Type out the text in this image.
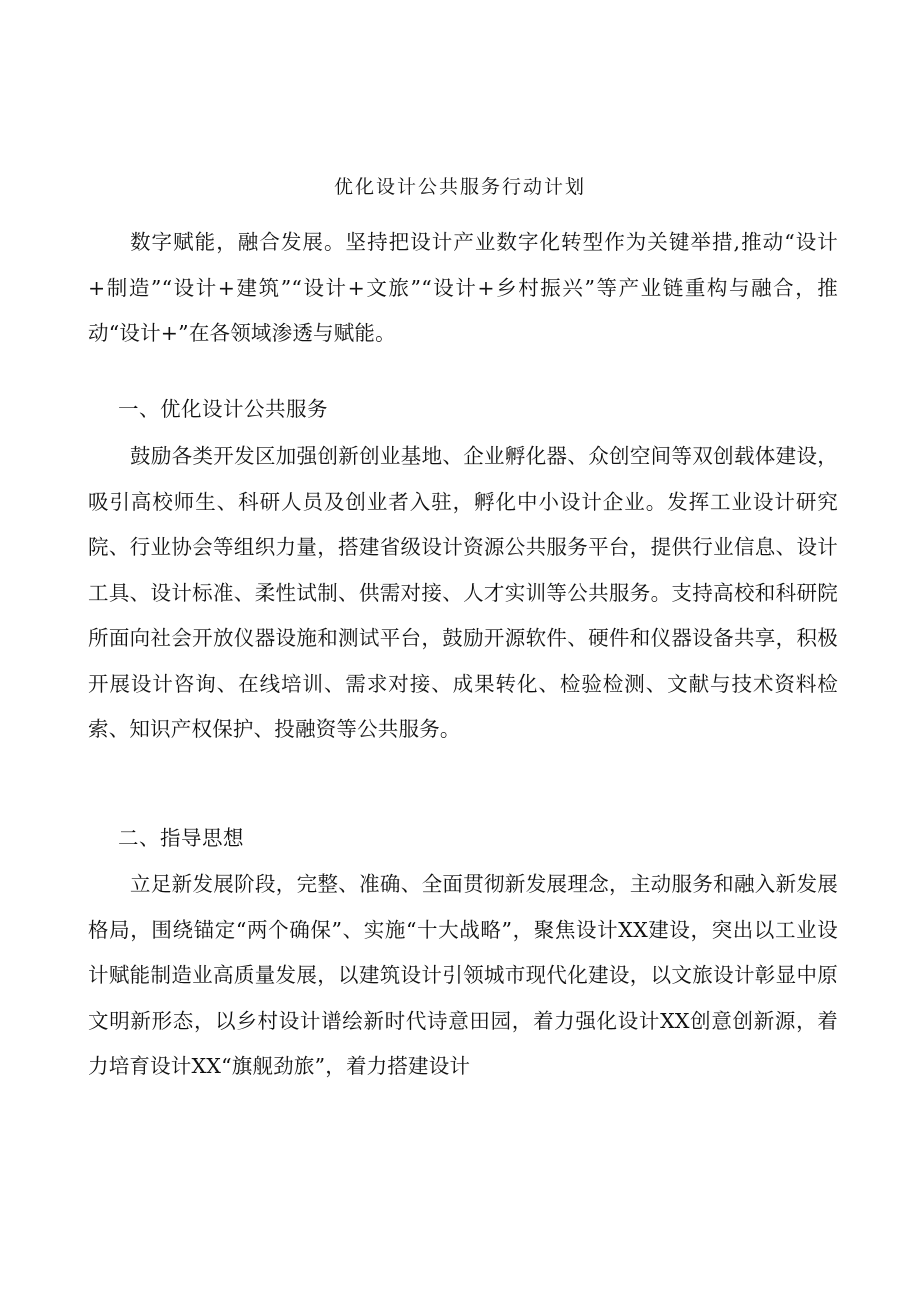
优化设计公共服务行动计划

数字赋能，融合发展。坚持把设计产业数字化转型作为关键举措,推动“设计+制造”“设计+建筑”“设计+文旅”“设计+乡村振兴”等产业链重构与融合，推动“设计+”在各领域渗透与赋能。

一、优化设计公共服务

鼓励各类开发区加强创新创业基地、企业孵化器、众创空间等双创载体建设，吸引高校师生、科研人员及创业者入驻，孵化中小设计企业。发挥工业设计研究院、行业协会等组织力量，搭建省级设计资源公共服务平台，提供行业信息、设计工具、设计标准、柔性试制、供需对接、人才实训等公共服务。支持高校和科研院所面向社会开放仪器设施和测试平台，鼓励开源软件、硬件和仪器设备共享，积极开展设计咨询、在线培训、需求对接、成果转化、检验检测、文献与技术资料检索、知识产权保护、投融资等公共服务。

二、指导思想

立足新发展阶段，完整、准确、全面贯彻新发展理念，主动服务和融入新发展格局，围绕锚定“两个确保”、实施“十大战略”，聚焦设计XX建设，突出以工业设计赋能制造业高质量发展，以建筑设计引领城市现代化建设，以文旅设计彰显中原文明新形态，以乡村设计谱绘新时代诗意田园，着力强化设计XX创意创新源，着力培育设计XX“旗舰劲旅”，着力搭建设计
